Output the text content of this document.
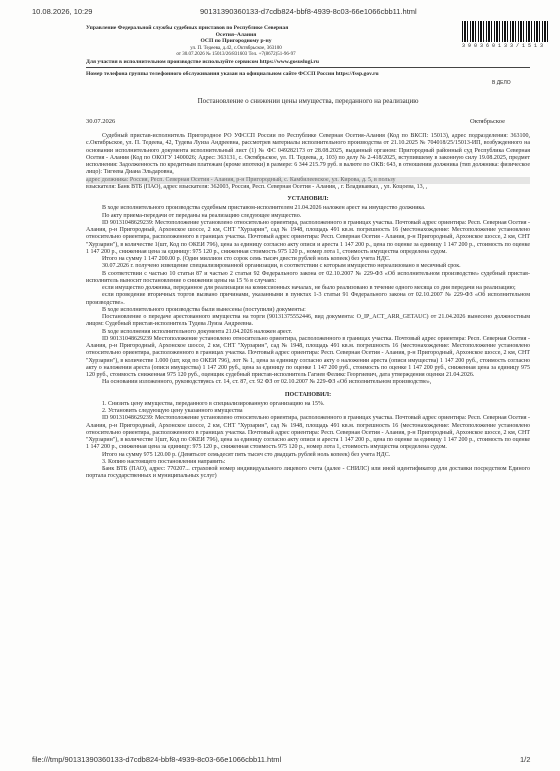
10.08.2026, 10:29	90131390360133-d7cdb824-bbf8-4939-8c03-66e1066cbb11.html
Управление Федеральной службы судебных приставов по Республике Северная
Осетия–Алания
ОСП по Пригородному р-ну
ул. П. Тедеева, д.42, с.Октябрьское, 363100
от 30.07.2026 № 15013/26/831603 Тел. +7(8672)51-96-97
3 9 0 3 6 0 1 3 3 / 1 5 1 3
Для участия в исполнительном производстве используйте сервисом https://www.gosuslugi.ru
Номер телефона группы телефонного обслуживания указан на официальном сайте ФССП России https://fssp.gov.ru
В ДЕЛО
Постановление о снижении цены имущества, переданного на реализацию
30.07.2026	Октябрьское

Судебный пристав-исполнитель Пригородное РО УФССП России по Республике Северная Осетия-Алания (Код по ВКСП: 15013), адрес подразделения: 363100, с.Октябрьское, ул. П. Тедеева, 42, Тудева Луиза Андреевна, рассмотрев материалы исполнительного производства от 21.10.2025 № 704018/25/15013-ИП, возбужденного на основании исполнительного документа исполнительный лист (1) № ФС 049282173 от 28.08.2025, выданный органом: Пригородный районный суд Республика Северная Осетия - Алания (Код по ОКОГУ 1400026; Адрес: 363131, с. Октябрьское, ул. П. Тедеева, д. 103) по делу № 2-418/2025, вступившему в законную силу 19.08.2025, предмет исполнения: Задолженность по кредитным платежам (кроме ипотеки) в размере: 6 344 215.79 руб. в валюте по ОКВ: 643, в отношении должника (тип должника: физическое лицо): Тигеева Диана Эльдаровна,

адрес должника: Россия, Респ. Северная Осетия - Алания, р-н Пригородный, с. Камбилеевское, ул. Кирова, д. 5, в пользу

взыскателя: Банк ВТБ (ПАО), адрес взыскателя: 362003, Россия, Респ. Северная Осетия - Алания, , г. Владикавказ, , ул. Коцоева, 13, ,

УСТАНОВИЛ:

В ходе исполнительного производства судебным приставом-исполнителем 21.04.2026 наложен арест на имущество должника.

По акту приема-передачи от переданы на реализацию следующее имущество.

ID 90131048629239: Местоположение установлено относительно ориентира, расположенного в границах участка. Почтовый адрес ориентира: Респ. Северная Осетия - Алания, р-н Пригородный, Архонское шоссе, 2 км, СНТ "Хурзарин", сад № 1948, площадь 491 кв.м. погрешность 16 (местонахождение: Местоположение установлено относительно ориентира, расположенного в границах участка. Почтовый адрес ориентира: Респ. Северная Осетия - Алания, р-н Пригородный, Архонское шоссе, 2 км, СНТ "Хурзарин"), в количестве 1(шт, Код по ОКЕИ 796), цена за единицу согласно акту описи и ареста 1 147 200 р., цена по оценке за единицу 1 147 200 р., стоимость по оценке 1 147 200 р., сниженная цена за единицу: 975 120 р., сниженная стоимость 975 120 р., номер лота 1, стоимость имущества определена судом.

Итого на сумму 1 147 200.00 р. (Один миллион сто сорок семь тысяч двести рублей ноль копеек) без учета НДС.

30.07.2026 г. получено извещение специализированной организации, в соответствии с которым имущество нереализовано в месячный срок.

В соответствии с частью 10 статьи 87 и частью 2 статьи 92 Федерального закона от 02.10.2007 № 229-ФЗ «Об исполнительном производстве» судебный пристав-исполнитель выносит постановление о снижении цены на 15 % в случаях:

если имущество должника, переданное для реализации на комиссионных началах, не было реализовано в течение одного месяца со дня передачи на реализацию;

если проведение вторичных торгов вызвано причинами, указанными в пунктах 1-3 статьи 91 Федерального закона от 02.10.2007 № 229-ФЗ «Об исполнительном производстве».

В ходе исполнительного производства были вынесены (поступили) документы:

Постановление о передаче арестованного имущества на торги (90131375552446, вид документа: O_IP_ACT_ARR_GETAUC) от 21.04.2026 вынесено должностным лицом: Судебный пристав-исполнитель Тудева Луиза Андреевна.

В ходе исполнения исполнительного документа 21.04.2026 наложен арест.

ID 90131048629239 Местоположение установлено относительно ориентира, расположенного в границах участка. Почтовый адрес ориентира: Респ. Северная Осетия - Алания, р-н Пригородный, Архонское шоссе, 2 км, СНТ "Хурзарин", сад № 1948, площадь 491 кв.м. погрешность 16 (местонахождение: Местоположение установлено относительно ориентира, расположенного в границах участка. Почтовый адрес ориентира: Респ. Северная Осетия - Алания, р-н Пригородный, Архонское шоссе, 2 км, СНТ "Хурзарин"), в количестве 1.000 (шт, код по ОКЕИ 796), лот № 1, цена за единицу согласно акту о наложении ареста (описи имущества) 1 147 200 руб., стоимость согласно акту о наложении ареста (описи имущества) 1 147 200 руб., цена за единицу по оценке 1 147 200 руб., стоимость по оценке 1 147 200 руб., сниженная цена за единицу 975 120 руб., стоимость сниженная 975 120 руб., оценщик судебный пристав-исполнитель Гагиев Феликс Георгиевич, дата утверждения оценки 21.04.2026.

На основании изложенного, руководствуясь ст. 14, ст. 87, ст. 92 ФЗ от 02.10.2007 № 229-ФЗ «Об исполнительном производстве»,

ПОСТАНОВИЛ:

1. Снизить цену имущества, переданного в специализированную организацию на 15%.

2. Установить следующую цену указанного имущества

ID 90131048629239: Местоположение установлено относительно ориентира, расположенного в границах участка. Почтовый адрес ориентира: Респ. Северная Осетия - Алания, р-н Пригородный, Архонское шоссе, 2 км, СНТ "Хурзарин", сад № 1948, площадь 491 кв.м. погрешность 16 (местонахождение: Местоположение установлено относительно ориентира, расположенного в границах участка. Почтовый адрес ориентира: Респ. Северная Осетия - Алания, р-н Пригородный, Архонское шоссе, 2 км, СНТ "Хурзарин"), в количестве 1(шт, Код по ОКЕИ 796), цена за единицу согласно акту описи и ареста 1 147 200 р., цена по оценке за единицу 1 147 200 р., стоимость по оценке 1 147 200 р., сниженная цена за единицу: 975 120 р., сниженная стоимость 975 120 р., номер лота 1, стоимость имущества определена судом.

Итого на сумму 975 120.00 р. (Девятьсот семьдесят пять тысяч сто двадцать рублей ноль копеек) без учета НДС.

3. Копию настоящего постановления направить:

Банк ВТБ (ПАО), адрес: 770207... страховой номер индивидуального лицевого счета (далее - СНИЛС) или иной идентификатор для доставки посредством Единого портала государственных и муниципальных услуг)

file:///tmp/90131390360133-d7cdb824-bbf8-4939-8c03-66e1066cbb11.html	1/2
